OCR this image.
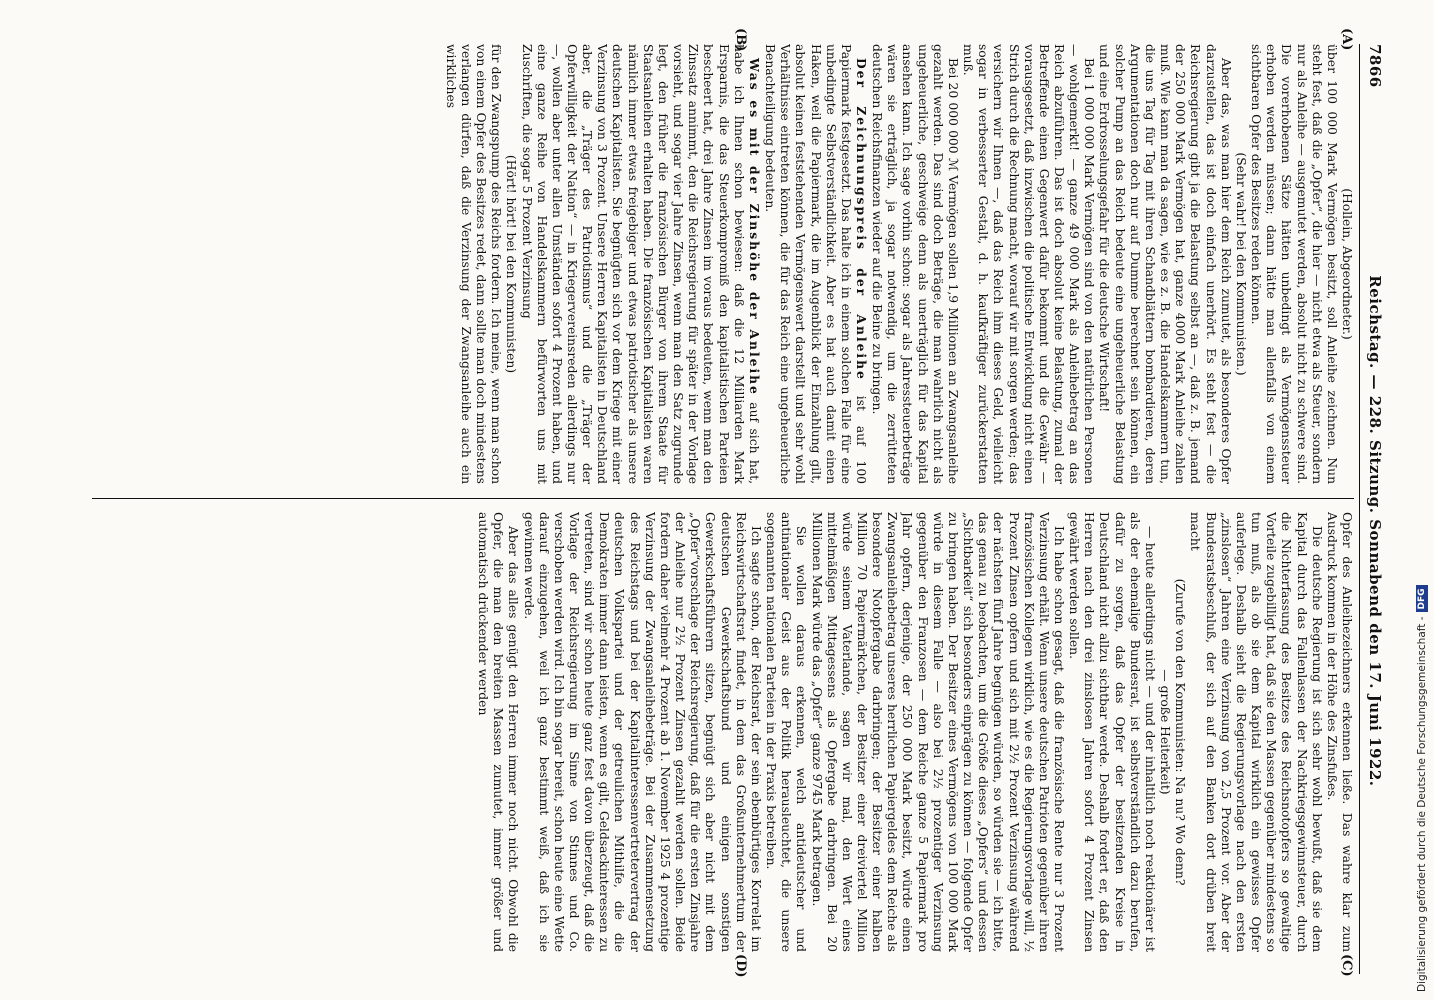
7866
Reichstag. — 228. Sitzung. Sonnabend den 17. Juni 1922.
(A)
(B)
(C)
(D)

(Hollein, Abgeordneter.)

über 100 000 Mark Vermögen besitzt, soll Anleihe zeichnen. Nun steht fest, daß die „Opfer“, die hier — nicht etwa als Steuer, sondern nur als Anleihe — ausgemutet werden, absolut nicht zu schwere sind. Die vorerhobenen Sätze hätten unbedingt als Vermögenssteuer erhoben werden müssen; dann hätte man allenfalls von einem sichtbaren Opfer des Besitzes reden können.

(Sehr wahr! bei den Kommunisten.)

Aber das, was man hier dem Reich zumutet, als besonderes Opfer darzustellen, das ist doch einfach unerhört. Es steht fest — die Reichsregierung gibt ja die Belastung selbst an —, daß z. B. jemand der 250 000 Mark Vermögen hat, ganze 4000 Mark Anleihe zahlen muß. Wie kann man da sagen, wie es z. B. die Handelskammern tun, die uns Tag für Tag mit ihren Schandblättern bombardieren, deren Argumentationen doch nur auf Dumme berechnet sein können, ein solcher Pump an das Reich bedeute eine ungeheuerliche Belastung und eine Erdrosselungsgefahr für die deutsche Wirtschaft!

Bei 1 000 000 Mark Vermögen sind von den natürlichen Personen — wohlgemerkt! — ganze 49 000 Mark als Anleihebetrag an das Reich abzuführen. Das ist doch absolut keine Belastung, zumal der Betreffende einen Gegenwert dafür bekommt und die Gewähr — vorausgesetzt, daß inzwischen die politische Entwicklung nicht einen Strich durch die Rechnung macht, worauf wir mit sorgen werden; das versichern wir Ihnen —, daß das Reich ihm dieses Geld, vielleicht sogar in verbesserter Gestalt, d. h. kaufkräftiger zurückerstatten muß.

Bei 20 000 000 ℳ Vermögen sollen 1,9 Millionen an Zwangsanleihe gezahlt werden. Das sind doch Beträge, die man wahrlich nicht als ungeheuerliche, geschweige denn als unerträglich für das Kapital ansehen kann. Ich sage vorhin schon: sogar als Jahressteuerbeträge wären sie erträglich, ja sogar notwendig, um die zerrütteten deutschen Reichsfinanzen wieder auf die Beine zu bringen.

Der Zeichnungspreis der Anleihe ist auf 100 Papiermark festgesetzt. Das halte ich in einem solchen Falle für eine unbedingte Selbstverständlichkeit. Aber es hat auch damit einen Haken, weil die Papiermark, die im Augenblick der Einzahlung gilt, absolut keinen feststehenden Vermögenswert darstellt und sehr wohl Verhältnisse eintreten können, die für das Reich eine ungeheuerliche Benachteiligung bedeuten.

Was es mit der Zinshöhe der Anleihe auf sich hat, habe ich Ihnen schon bewiesen: daß die 12 Milliarden Mark Ersparnis, die das Steuerkompromiß den kapitalistischen Parteien bescheert hat, drei Jahre Zinsen im voraus bedeuten, wenn man den Zinssatz annimmt, den die Reichsregierung für später in der Vorlage vorsieht, und sogar vier Jahre Zinsen, wenn man den Satz zugrunde legt, den früher die französischen Bürger von ihrem Staate für Staatsanleihen erhalten haben. Die französischen Kapitalisten waren nämlich immer etwas freigebiger und etwas patriotischer als unsere deutschen Kapitalisten. Sie begnügten sich vor dem Kriege mit einer Verzinsung von 3 Prozent. Unsere Herren Kapitalisten in Deutschland aber, die „Träger des Patriotismus“ und die „Träger der Opferwilligkeit der Nation“ — in Kriegervereinsreden allerdings nur —, wollen aber unter allen Umständen sofort 4 Prozent haben, und eine ganze Reihe von Handelskammern befürworten uns mit Zuschriften, die sogar 5 Prozent Verzinsung

(Hört! hört! bei den Kommunisten)

für den Zwangspump des Reichs fordern. Ich meine, wenn man schon von einem Opfer des Besitzes redet, dann sollte man doch mindestens verlangen dürfen, daß die Verzinsung der Zwangsanleihe auch ein wirkliches

Opfer des Anleihezeichners erkennen ließe. Das wahre klar zum Ausdruck kommen in der Höhe des Zinsfußes.

Die deutsche Regierung ist sich sehr wohl bewußt, daß sie dem Kapital durch das Fallenlassen der Nachkriegsgewinnsteuer, durch die Nichterfassung des Besitzes des Reichsnotopfers so gewaltige Vorteile zugebilligt hat, daß sie den Massen gegenüber mindestens so tun muß, als ob sie dem Kapital wirklich ein gewisses Opfer auferlege. Deshalb sieht die Regierungsvorlage nach den ersten „zinslosen“ Jahren eine Verzinsung von 2,5 Prozent vor. Aber der Bundesratsbeschluß, der sich auf den Banken dort drüben breit macht

(Zurufe von den Kommunisten: Na nu? Wo denn?

— große Heiterkeit)

— heute allerdings nicht — und der inhaltlich noch reaktionärer ist als der ehemalige Bundesrat, ist selbstverständlich dazu berufen, dafür zu sorgen, daß das Opfer der besitzenden Kreise in Deutschland nicht allzu sichtbar werde. Deshalb fordert er, daß den Herren nach den drei zinslosen Jahren sofort 4 Prozent Zinsen gewährt werden sollen.

Ich habe schon gesagt, daß die französische Rente nur 3 Prozent Verzinsung erhält. Wenn unsere deutschen Patrioten gegenüber ihren französischen Kollegen wirklich, wie es die Regierungsvorlage will, ½ Prozent Zinsen opfern und sich mit 2½ Prozent Verzinsung während der nächsten fünf Jahre begnügen würden, so würden sie — ich bitte, das genau zu beobachten, um die Größe dieses „Opfers“ und dessen „Sichtbarkeit“ sich besonders einprägen zu können — folgende Opfer zu bringen haben. Der Besitzer eines Vermögens von 100 000 Mark würde in diesem Falle — also bei 2½ prozentiger Verzinsung gegenüber den Franzosen — dem Reiche ganze 5 Papiermark pro Jahr opfern, derjenige, der 250 000 Mark besitzt, würde einen Zwangsanleihebetrag unseres herrlichen Papiergeldes dem Reiche als besondere Notopfergabe darbringen; der Besitzer einer halben Million 70 Papiermärkchen, der Besitzer einer dreiviertel Million würde seinem Vaterlande, sagen wir mal, den Wert eines mittelmäßigen Mittagessens als Opfergabe darbringen. Bei 20 Millionen Mark würde das „Opfer“ ganze 9745 Mark betragen.

Sie wollen daraus erkennen, welch antideutscher und antinationaler Geist aus der Politik herausleuchtet, die unsere sogenannten nationalen Parteien in der Praxis betreiben.

Ich sagte schon, der Reichsrat, der sein ebenbürtiges Korrelat im Reichswirtschaftsrat findet, in dem das Großunternehmertum der deutschen Gewerkschaftsbund und einigen sonstigen Gewerkschaftsführern sitzen, begnügt sich aber nicht mit dem „Opfer“vorschlage der Reichsregierung, daß für die ersten Zinsjahre der Anleihe nur 2½ Prozent Zinsen gezahlt werden sollen. Beide fordern daher vielmehr 4 Prozent ab 1. November 1925 4 prozentige Verzinsung der Zwangsanleihebeträge. Bei der Zusammensetzung des Reichstags und bei der Kapitalinteressenvertretervertrag der deutschen Volkspartei und der getreulichen Mithilfe, die die Demokraten immer dann leisten, wenn es gilt, Geldsackinteressen zu vertreten, sind wir schon heute ganz fest davon überzeugt, daß die Vorlage der Reichsregierung im Sinne von Stinnes und Co. verschoben werden wird. Ich bin sogar bereit, schon heute eine Wette darauf einzugehen, weil ich ganz bestimmt weiß, daß ich sie gewinnen werde.

Aber das alles genügt den Herren immer noch nicht. Obwohl die Opfer, die man den breiten Massen zumutet, immer größer und automatisch drückender werden

Digitalisierung gefördert durch die Deutsche Forschungsgemeinschaft -
DFG
